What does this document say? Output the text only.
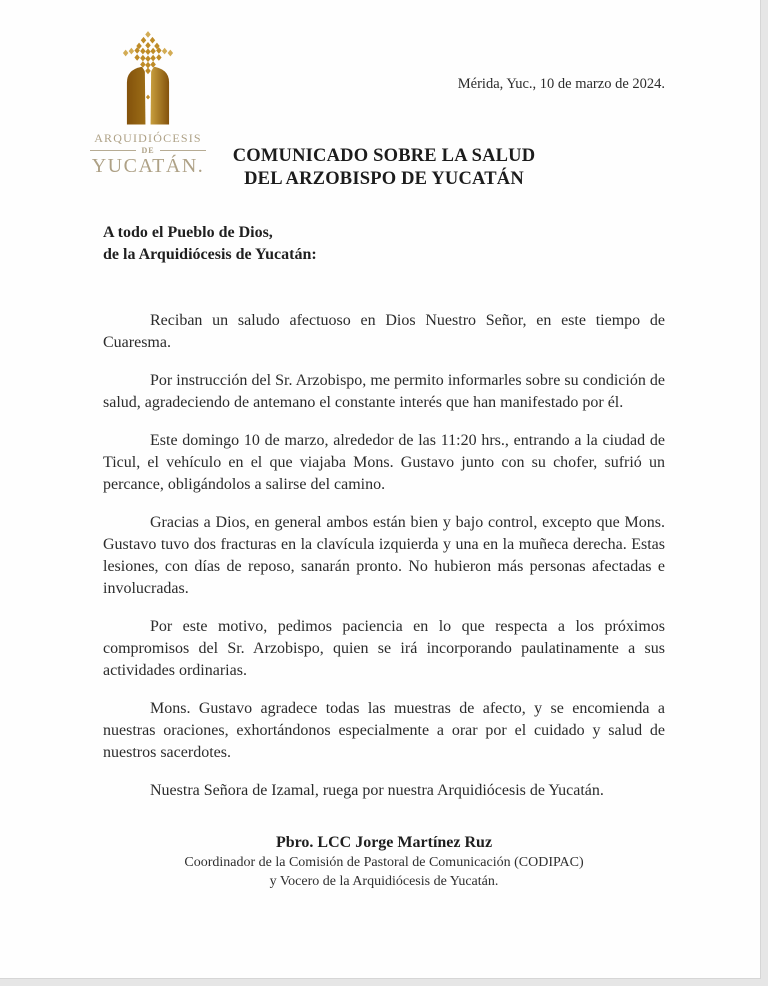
ARQUIDIÓCESIS
DE
YUCATÁN.
Mérida, Yuc., 10 de marzo de 2024.
COMUNICADO SOBRE LA SALUD
DEL ARZOBISPO DE YUCATÁN
A todo el Pueblo de Dios,
de la Arquidiócesis de Yucatán:

Reciban un saludo afectuoso en Dios Nuestro Señor, en este tiempo de Cuaresma.

Por instrucción del Sr. Arzobispo, me permito informarles sobre su condición de salud, agradeciendo de antemano el constante interés que han manifestado por él.

Este domingo 10 de marzo, alrededor de las 11:20 hrs., entrando a la ciudad de Ticul, el vehículo en el que viajaba Mons. Gustavo junto con su chofer, sufrió un percance, obligándolos a salirse del camino.

Gracias a Dios, en general ambos están bien y bajo control, excepto que Mons. Gustavo tuvo dos fracturas en la clavícula izquierda y una en la muñeca derecha. Estas lesiones, con días de reposo, sanarán pronto. No hubieron más personas afectadas e involucradas.

Por este motivo, pedimos paciencia en lo que respecta a los próximos compromisos del Sr. Arzobispo, quien se irá incorporando paulatinamente a sus actividades ordinarias.

Mons. Gustavo agradece todas las muestras de afecto, y se encomienda a nuestras oraciones, exhortándonos especialmente a orar por el cuidado y salud de nuestros sacerdotes.

Nuestra Señora de Izamal, ruega por nuestra Arquidiócesis de Yucatán.

Pbro. LCC Jorge Martínez Ruz
Coordinador de la Comisión de Pastoral de Comunicación (CODIPAC)
y Vocero de la Arquidiócesis de Yucatán.
